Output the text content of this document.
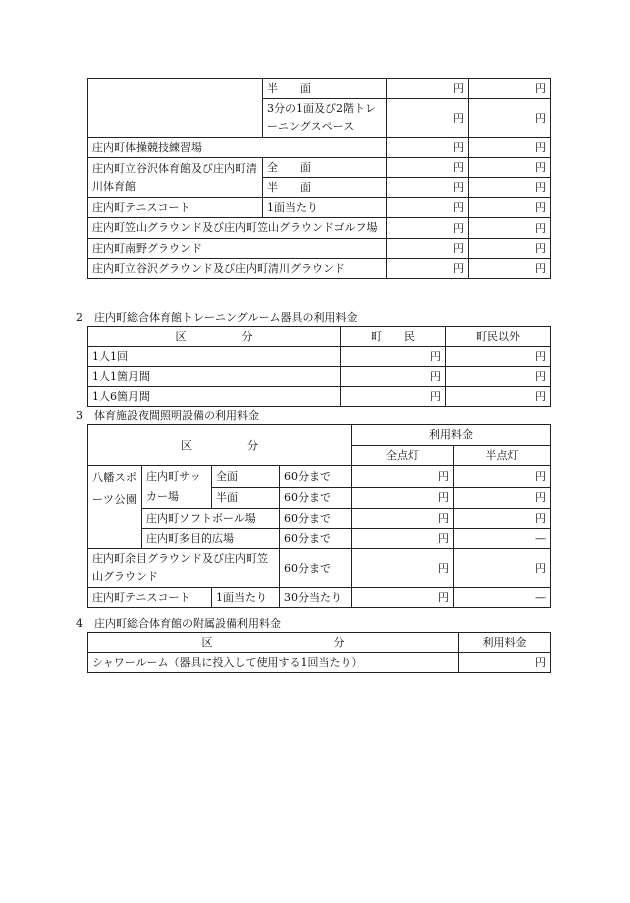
	半　　面	円	円
	3分の1面及び2階トレーニングスペース	円	円
庄内町体操競技練習場		円	円
庄内町立谷沢体育館及び庄内町清川体育館	全　　面	円	円
	半　　面	円	円
庄内町テニスコート	1面当たり	円	円
庄内町笠山グラウンド及び庄内町笠山グラウンドゴルフ場		円	円
庄内町南野グラウンド		円	円
庄内町立谷沢グラウンド及び庄内町清川グラウンド		円	円
2 庄内町総合体育館トレーニングルーム器具の利用料金
区　　　　　分	町　　民	町民以外
1人1回	円	円
1人1箇月間	円	円
1人6箇月間	円	円
3 体育施設夜間照明設備の利用料金
区　　　　　分				利用料金	
				全点灯	半点灯
八幡スポーツ公園	庄内町サッカー場	全面	60分まで	円	円
		半面	60分まで	円	円
	庄内町ソフトボール場		60分まで	円	円
	庄内町多目的広場		60分まで	円	—
庄内町余目グラウンド及び庄内町笠山グラウンド			60分まで	円	円
庄内町テニスコート		1面当たり	30分当たり	円	—
4 庄内町総合体育館の附属設備利用料金
区　　　　　　　　　　　分	利用料金
シャワールーム（器具に投入して使用する1回当たり）	円
